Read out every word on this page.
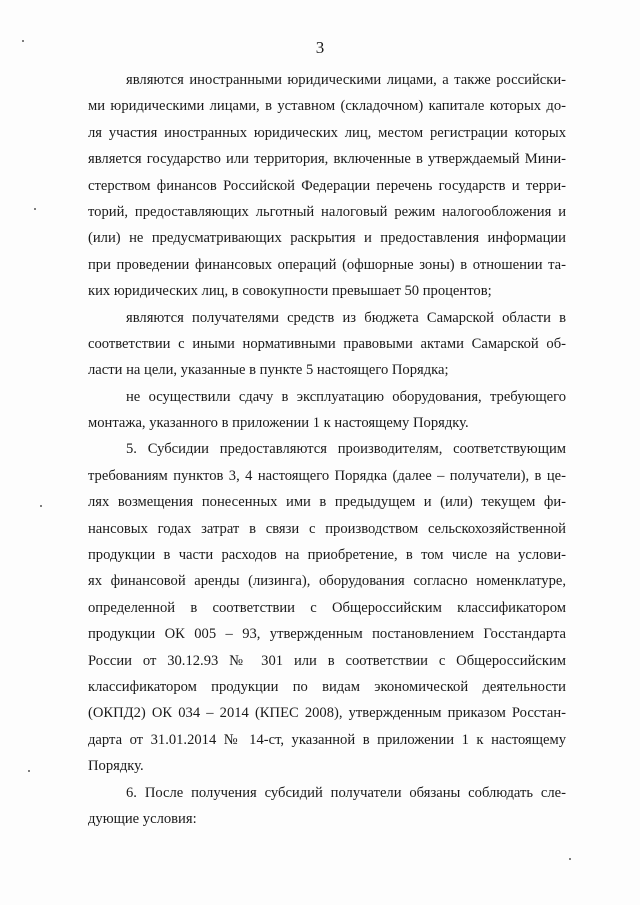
3
являются иностранными юридическими лицами, а также российски-
ми юридическими лицами, в уставном (складочном) капитале которых до-
ля участия иностранных юридических лиц, местом регистрации которых
является государство или территория, включенные в утверждаемый Мини-
стерством финансов Российской Федерации перечень государств и терри-
торий, предоставляющих льготный налоговый режим налогообложения и
(или) не предусматривающих раскрытия и предоставления информации
при проведении финансовых операций (офшорные зоны) в отношении та-
ких юридических лиц, в совокупности превышает 50 процентов;
являются получателями средств из бюджета Самарской области в
соответствии с иными нормативными правовыми актами Самарской об-
ласти на цели, указанные в пункте 5 настоящего Порядка;
не осуществили сдачу в эксплуатацию оборудования, требующего
монтажа, указанного в приложении 1 к настоящему Порядку.
5. Субсидии предоставляются производителям, соответствующим
требованиям пунктов 3, 4 настоящего Порядка (далее – получатели), в це-
лях возмещения понесенных ими в предыдущем и (или) текущем фи-
нансовых годах затрат в связи с производством сельскохозяйственной
продукции в части расходов на приобретение, в том числе на услови-
ях финансовой аренды (лизинга), оборудования согласно номенклатуре,
определенной в соответствии с Общероссийским классификатором
продукции ОК 005 – 93, утвержденным постановлением Госстандарта
России от 30.12.93 № 301 или в соответствии с Общероссийским
классификатором продукции по видам экономической деятельности
(ОКПД2) ОК 034 – 2014 (КПЕС 2008), утвержденным приказом Росстан-
дарта от 31.01.2014 № 14-ст, указанной в приложении 1 к настоящему
Порядку.
6. После получения субсидий получатели обязаны соблюдать сле-
дующие условия:
